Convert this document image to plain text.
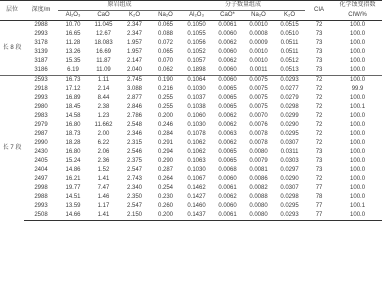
层位	深度/m	原岩组成				分子数量组成				CIA	化学蚀变指数
		Al₂O₃	CaO	K₂O	Na₂O	Al₂O₃	CaO*	Na₂O	K₂O		CIW/%
长 8 段	2988	10.70	11.045	2.347	0.065	0.1050	0.0061	0.0010	0.0515	72	100.0
	2993	16.65	12.67	2.347	0.088	0.1055	0.0060	0.0008	0.0510	73	100.0
	3178	11.28	18.083	1.957	0.072	0.1056	0.0062	0.0009	0.0511	73	100.0
	3139	13.26	16.69	1.957	0.065	0.1052	0.0060	0.0010	0.0511	73	100.0
	3187	15.35	11.87	2.147	0.070	0.1057	0.0062	0.0010	0.0512	73	100.0
	3186	6.19	11.09	2.040	0.062	0.1898	0.0060	0.0011	0.0513	73	100.0
长 7 段	2593	16.73	1.11	2.745	0.190	0.1064	0.0060	0.0075	0.0293	72	100.0
	2918	17.12	2.14	3.088	0.216	0.1030	0.0065	0.0075	0.0277	72	99.9
	2993	16.89	8.44	2.877	0.255	0.1037	0.0065	0.0075	0.0279	72	100.0
	2980	18.45	2.38	2.846	0.255	0.1038	0.0065	0.0075	0.0298	72	100.1
	2983	14.58	1.23	2.786	0.200	0.1060	0.0062	0.0070	0.0299	72	100.0
	2979	16.80	11.662	2.548	0.246	0.1030	0.0062	0.0076	0.0290	72	100.0
	2987	18.73	2.00	2.346	0.284	0.1078	0.0063	0.0078	0.0295	72	100.0
	2990	18.28	6.22	2.315	0.291	0.1062	0.0062	0.0078	0.0307	72	100.0
	2430	16.80	2.06	2.546	0.294	0.1062	0.0065	0.0080	0.0311	73	100.0
	2405	15.24	2.36	2.375	0.290	0.1063	0.0065	0.0079	0.0303	73	100.0
	2404	14.86	1.52	2.547	0.287	0.1030	0.0068	0.0081	0.0297	73	100.0
	2497	16.21	1.41	2.743	0.264	0.1067	0.0060	0.0086	0.0290	72	100.0
	2998	19.77	7.47	2.340	0.254	0.1462	0.0061	0.0082	0.0307	77	100.0
	2988	14.51	1.46	2.350	0.230	0.1427	0.0062	0.0088	0.0298	78	100.0
	2993	13.59	1.17	2.547	0.260	0.1460	0.0060	0.0080	0.0295	77	100.1
	2508	14.66	1.41	2.150	0.200	0.1437	0.0061	0.0080	0.0293	77	100.0
